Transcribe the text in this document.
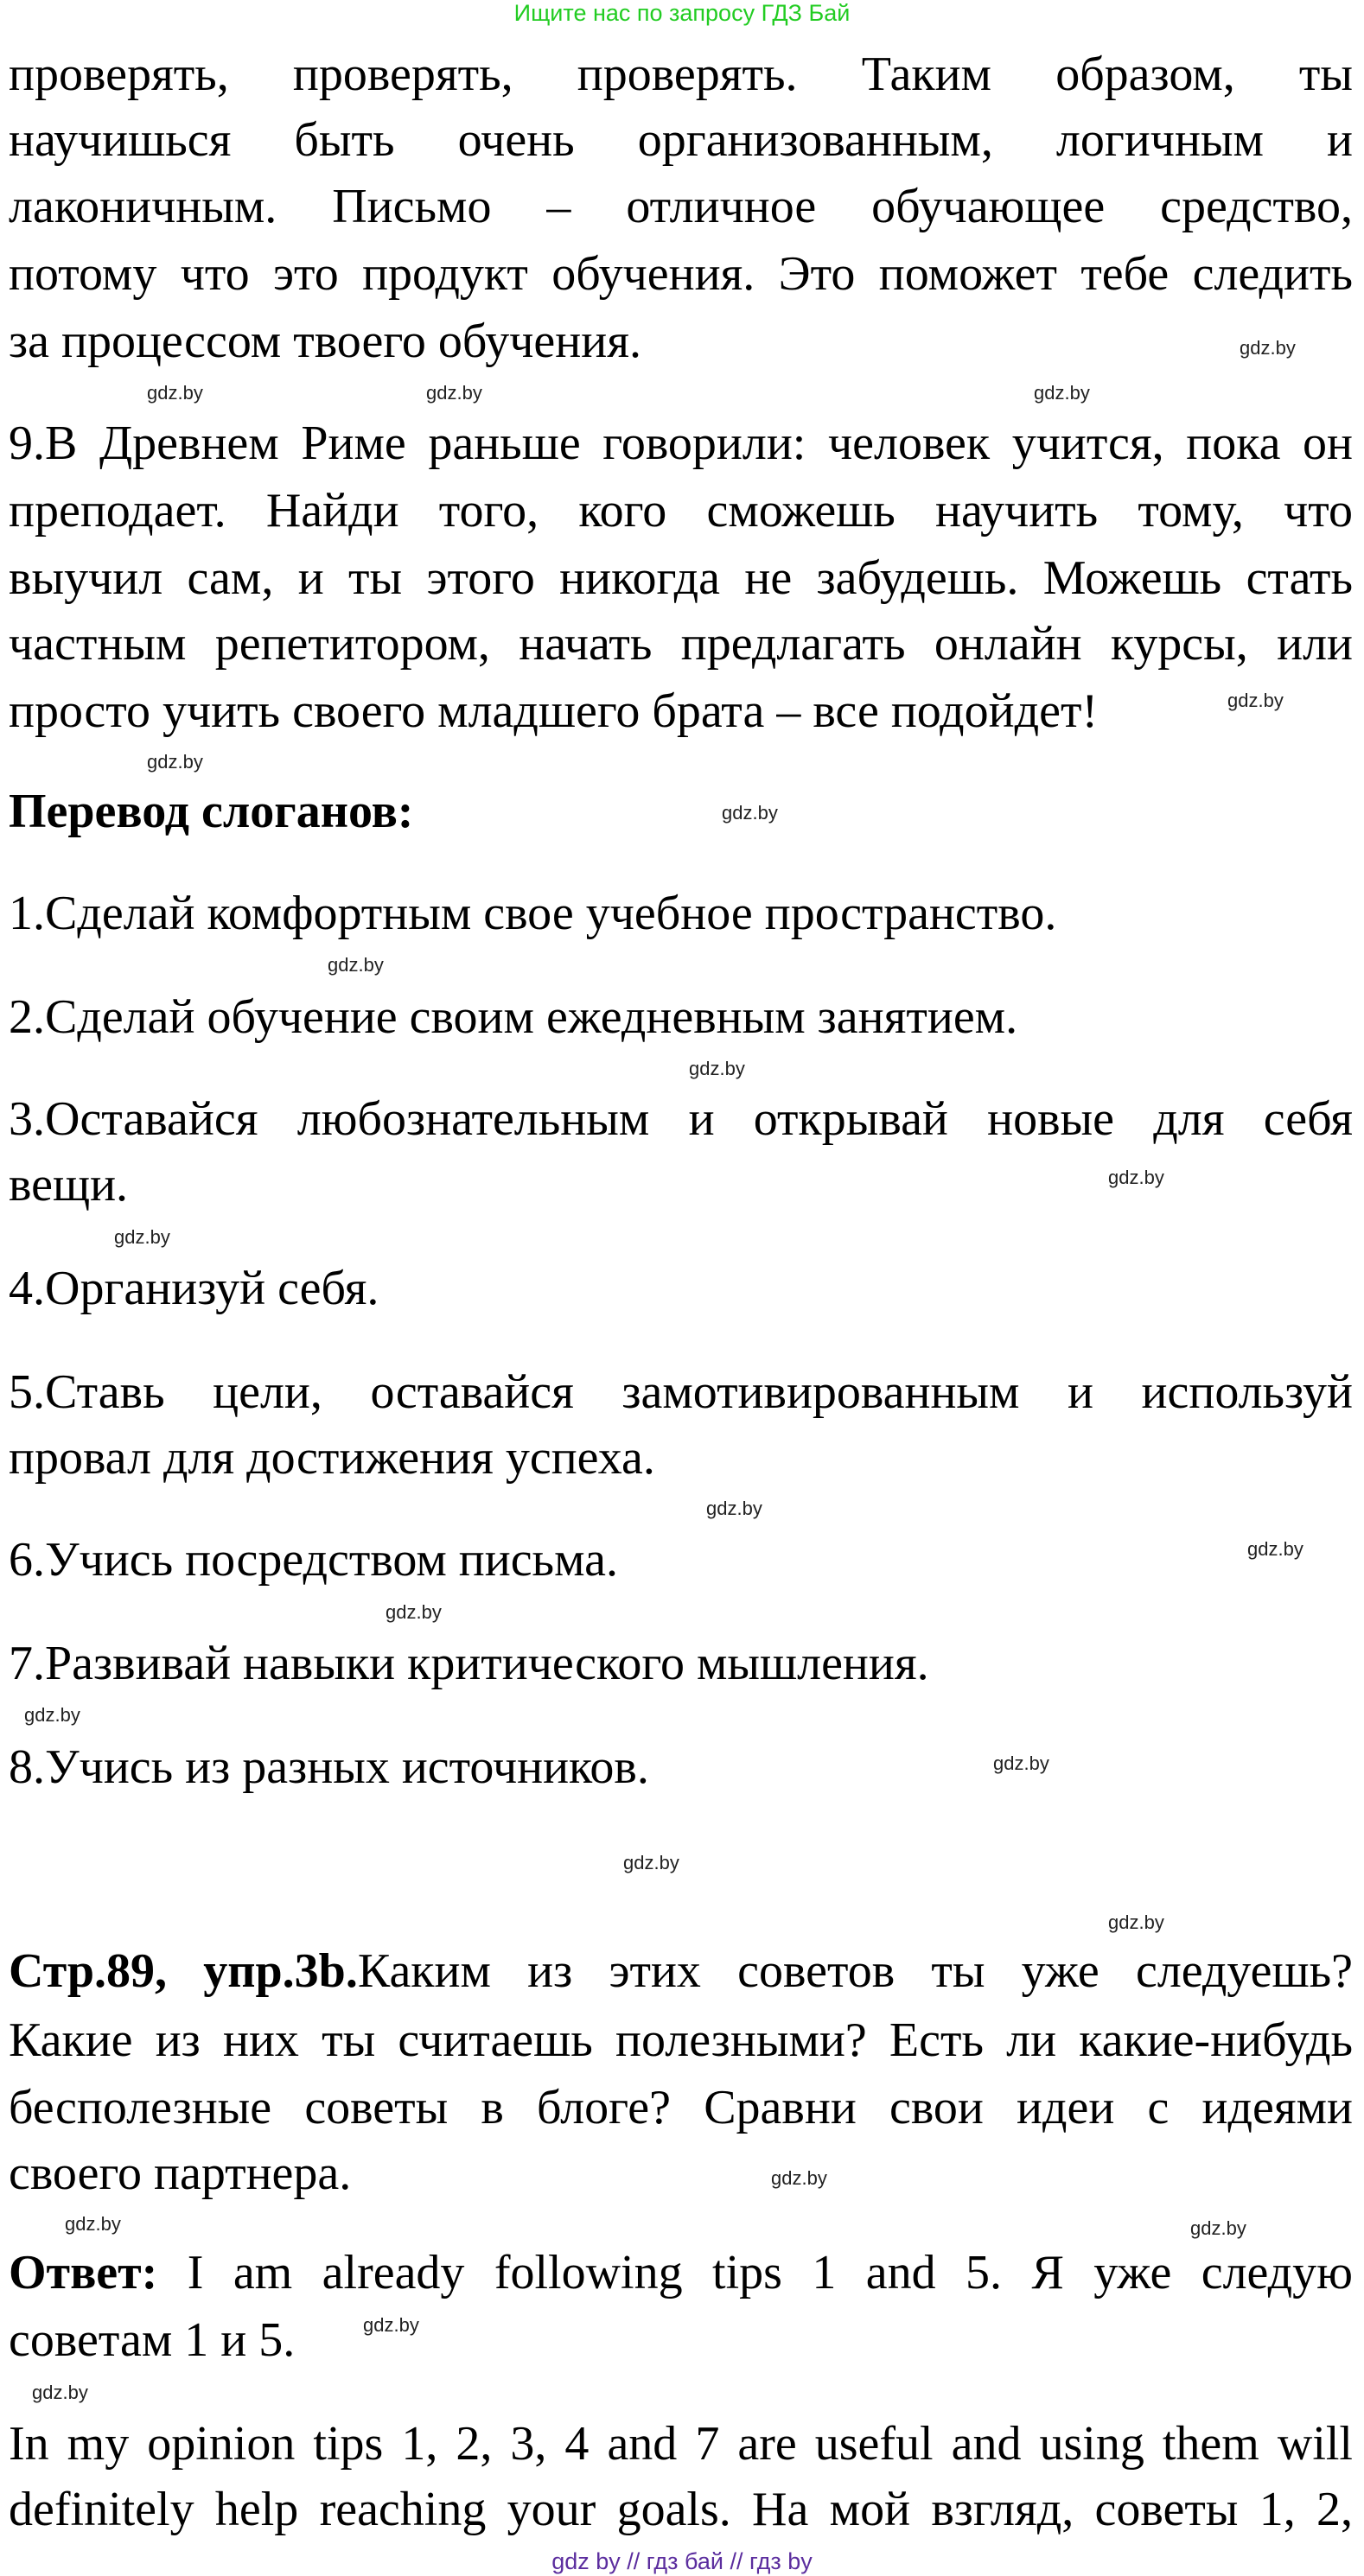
Ищите нас по запросу ГДЗ Бай
проверять, проверять, проверять. Таким образом, ты
научишься быть очень организованным, логичным и
лаконичным. Письмо – отличное обучающее средство,
потому что это продукт обучения. Это поможет тебе следить
за процессом твоего обучения.
9.В Древнем Риме раньше говорили: человек учится, пока он
преподает. Найди того, кого сможешь научить тому, что
выучил сам, и ты этого никогда не забудешь. Можешь стать
частным репетитором, начать предлагать онлайн курсы, или
просто учить своего младшего брата – все подойдет!
Перевод слоганов:
1.Сделай комфортным свое учебное пространство.
2.Сделай обучение своим ежедневным занятием.
3.Оставайся любознательным и открывай новые для себя
вещи.
4.Организуй себя.
5.Ставь цели, оставайся замотивированным и используй
провал для достижения успеха.
6.Учись посредством письма.
7.Развивай навыки критического мышления.
8.Учись из разных источников.
Стр.89, упр.3b.Каким из этих советов ты уже следуешь?
Какие из них ты считаешь полезными? Есть ли какие-нибудь
бесполезные советы в блоге? Сравни свои идеи с идеями
своего партнера.
Ответ: I am already following tips 1 and 5. Я уже следую
советам 1 и 5.
In my opinion tips 1, 2, 3, 4 and 7 are useful and using them will
definitely help reaching your goals. На мой взгляд, советы 1, 2,
gdz.by	gdz.by
gdz.by
gdz.by
gdz.by
gdz.by
gdz.by
gdz.by
gdz.by
gdz.by
gdz.by
gdz.by
gdz.by
gdz.by
gdz.by
gdz.by
gdz.by
gdz.by
gdz.by
gdz.by
gdz.by
gdz.by
gdz.by
gdz by // гдз бай // гдз by
